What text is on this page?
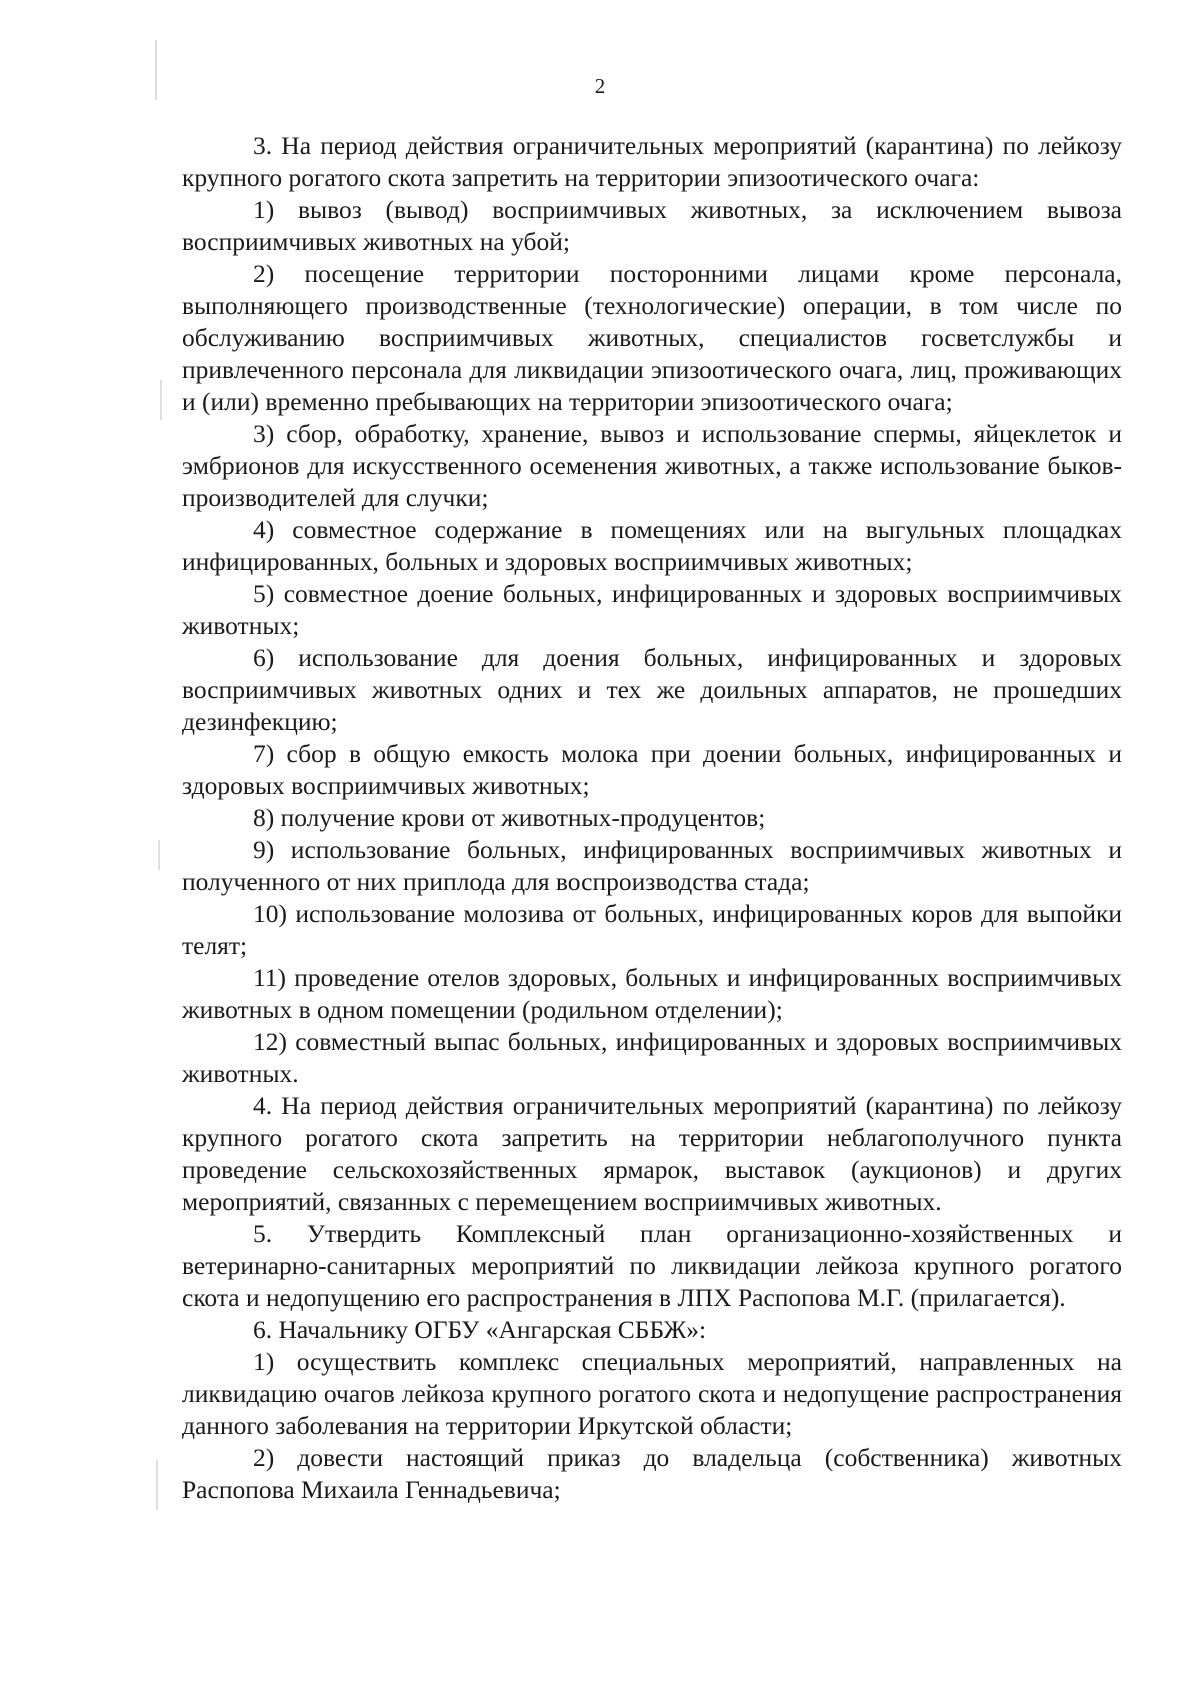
2

3. На период действия ограничительных мероприятий (карантина) по лейкозу крупного рогатого скота запретить на территории эпизоотического очага:

1) вывоз (вывод) восприимчивых животных, за исключением вывоза восприимчивых животных на убой;

2) посещение территории посторонними лицами кроме персонала, выполняющего производственные (технологические) операции, в том числе по обслуживанию восприимчивых животных, специалистов госветслужбы и привлеченного персонала для ликвидации эпизоотического очага, лиц, проживающих и (или) временно пребывающих на территории эпизоотического очага;

3) сбор, обработку, хранение, вывоз и использование спермы, яйцеклеток и эмбрионов для искусственного осеменения животных, а также использование быков-производителей для случки;

4) совместное содержание в помещениях или на выгульных площадках инфицированных, больных и здоровых восприимчивых животных;

5) совместное доение больных, инфицированных и здоровых восприимчивых животных;

6) использование для доения больных, инфицированных и здоровых восприимчивых животных одних и тех же доильных аппаратов, не прошедших дезинфекцию;

7) сбор в общую емкость молока при доении больных, инфицированных и здоровых восприимчивых животных;

8) получение крови от животных-продуцентов;

9) использование больных, инфицированных восприимчивых животных и полученного от них приплода для воспроизводства стада;

10) использование молозива от больных, инфицированных коров для выпойки телят;

11) проведение отелов здоровых, больных и инфицированных восприимчивых животных в одном помещении (родильном отделении);

12) совместный выпас больных, инфицированных и здоровых восприимчивых животных.

4. На период действия ограничительных мероприятий (карантина) по лейкозу крупного рогатого скота запретить на территории неблагополучного пункта проведение сельскохозяйственных ярмарок, выставок (аукционов) и других мероприятий, связанных с перемещением восприимчивых животных.

5. Утвердить Комплексный план организационно-хозяйственных и ветеринарно-санитарных мероприятий по ликвидации лейкоза крупного рогатого скота и недопущению его распространения в ЛПХ Распопова М.Г. (прилагается).

6. Начальнику ОГБУ «Ангарская СББЖ»:

1) осуществить комплекс специальных мероприятий, направленных на ликвидацию очагов лейкоза крупного рогатого скота и недопущение распространения данного заболевания на территории Иркутской области;

2) довести настоящий приказ до владельца (собственника) животных Распопова Михаила Геннадьевича;
